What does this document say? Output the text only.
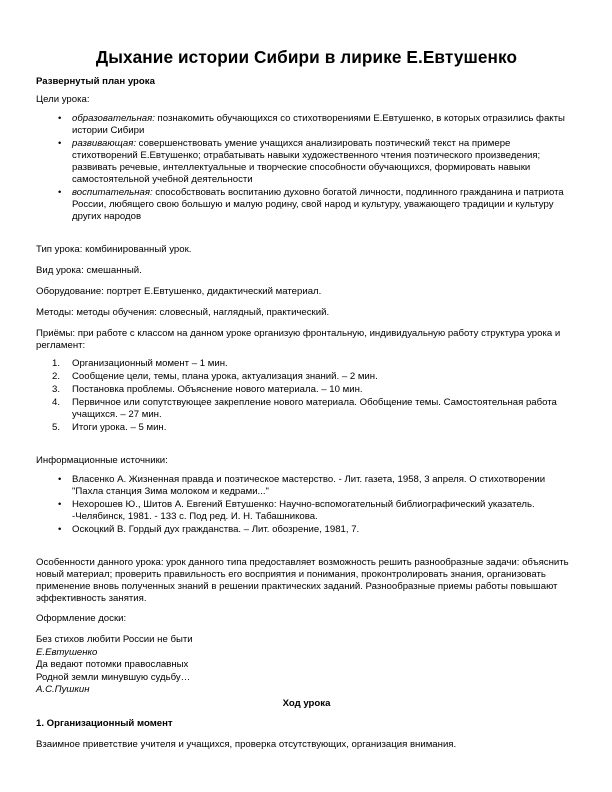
Дыхание истории Сибири в лирике Е.Евтушенко

Развернутый план урока

Цели урока:

• образовательная: познакомить обучающихся со стихотворениями Е.Евтушенко, в которых отразились факты истории Сибири
• развивающая: совершенствовать умение учащихся анализировать поэтический текст на примере стихотворений Е.Евтушенко; отрабатывать навыки художественного чтения поэтического произведения; развивать речевые, интеллектуальные и творческие способности обучающихся, формировать навыки самостоятельной учебной деятельности
• воспитательная: способствовать воспитанию духовно богатой личности, подлинного гражданина и патриота России, любящего свою большую и малую родину, свой народ и культуру, уважающего традиции и культуру других народов

Тип урока: комбинированный урок.

Вид урока: смешанный.

Оборудование: портрет Е.Евтушенко, дидактический материал.

Методы: методы обучения: словесный, наглядный, практический.

Приёмы: при работе с классом на данном уроке организую фронтальную, индивидуальную работу структура урока и регламент:

1. Организационный момент – 1 мин.
2. Сообщение цели, темы, плана урока, актуализация знаний. – 2 мин.
3. Постановка проблемы. Объяснение нового материала. – 10 мин.
4. Первичное или сопутствующее закрепление нового материала. Обобщение темы. Самостоятельная работа учащихся. – 27 мин.
5. Итоги урока. – 5 мин.

Информационные источники:

• Власенко А. Жизненная правда и поэтическое мастерство. - Лит. газета, 1958, 3 апреля. О стихотворении "Пахла станция Зима молоком и кедрами..."
• Нехорошев Ю., Шитов А. Евгений Евтушенко: Научно-вспомогательный библиографический указатель. -Челябинск, 1981. - 133 с. Под ред. И. Н. Табашникова.
• Оскоцкий В. Гордый дух гражданства. – Лит. обозрение, 1981, 7.

Особенности данного урока: урок данного типа предоставляет возможность решить разнообразные задачи: объяснить новый материал; проверить правильность его восприятия и понимания, проконтролировать знания, организовать применение вновь полученных знаний в решении практических заданий. Разнообразные приемы работы повышают эффективность занятия.

Оформление доски:

Без стихов любити России не быти

Е.Евтушенко

Да ведают потомки православных

Родной земли минувшую судьбу…

А.С.Пушкин

Ход урока

1. Организационный момент

Взаимное приветствие учителя и учащихся, проверка отсутствующих, организация внимания.
